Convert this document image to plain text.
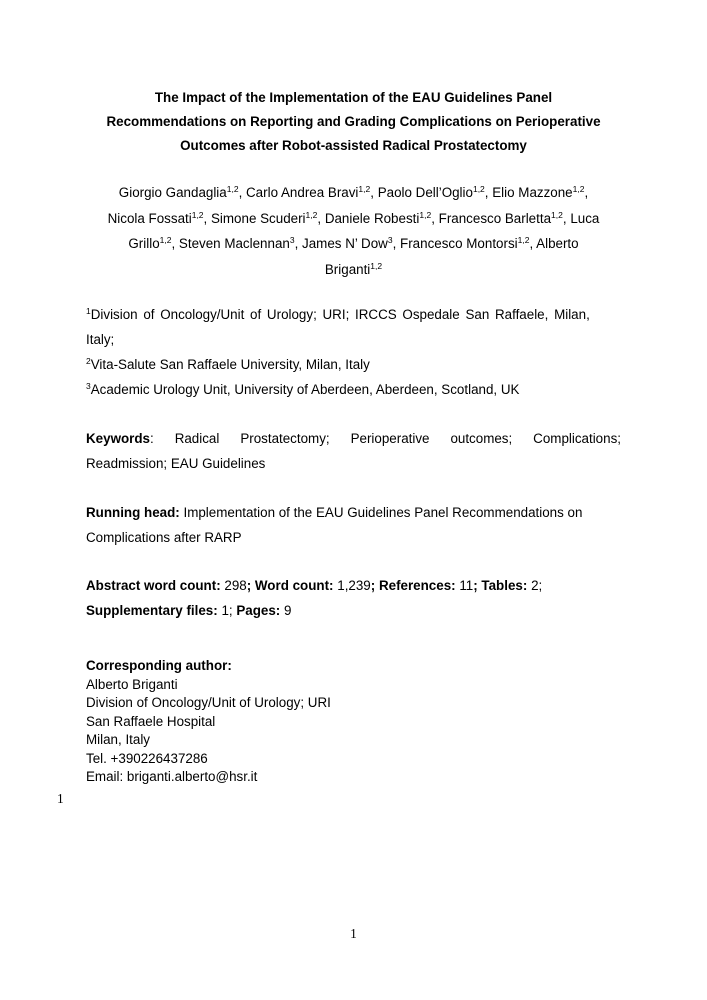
The Impact of the Implementation of the EAU Guidelines Panel
Recommendations on Reporting and Grading Complications on Perioperative
Outcomes after Robot-assisted Radical Prostatectomy
Giorgio Gandaglia$^{1,2}$, Carlo Andrea Bravi$^{1,2}$, Paolo Dell’Oglio$^{1,2}$, Elio Mazzone$^{1,2}$,
Nicola Fossati$^{1,2}$, Simone Scuderi$^{1,2}$, Daniele Robesti$^{1,2}$, Francesco Barletta$^{1,2}$, Luca
Grillo$^{1,2}$, Steven Maclennan$^3$, James N’ Dow$^3$, Francesco Montorsi$^{1,2}$, Alberto
Briganti$^{1,2}$
$^1$Division of Oncology/Unit of Urology; URI; IRCCS Ospedale San Raffaele, Milan,
Italy;
$^2$Vita-Salute San Raffaele University, Milan, Italy
$^3$Academic Urology Unit, University of Aberdeen, Aberdeen, Scotland, UK
Keywords: Radical Prostatectomy; Perioperative outcomes; Complications;
Readmission; EAU Guidelines
Running head: Implementation of the EAU Guidelines Panel Recommendations on
Complications after RARP
Abstract word count: 298; Word count: 1,239; References: 11; Tables: 2;
Supplementary files: 1; Pages: 9
Corresponding author:
Alberto Briganti
Division of Oncology/Unit of Urology; URI
San Raffaele Hospital
Milan, Italy
Tel. +390226437286
Email: briganti.alberto@hsr.it
1
1
